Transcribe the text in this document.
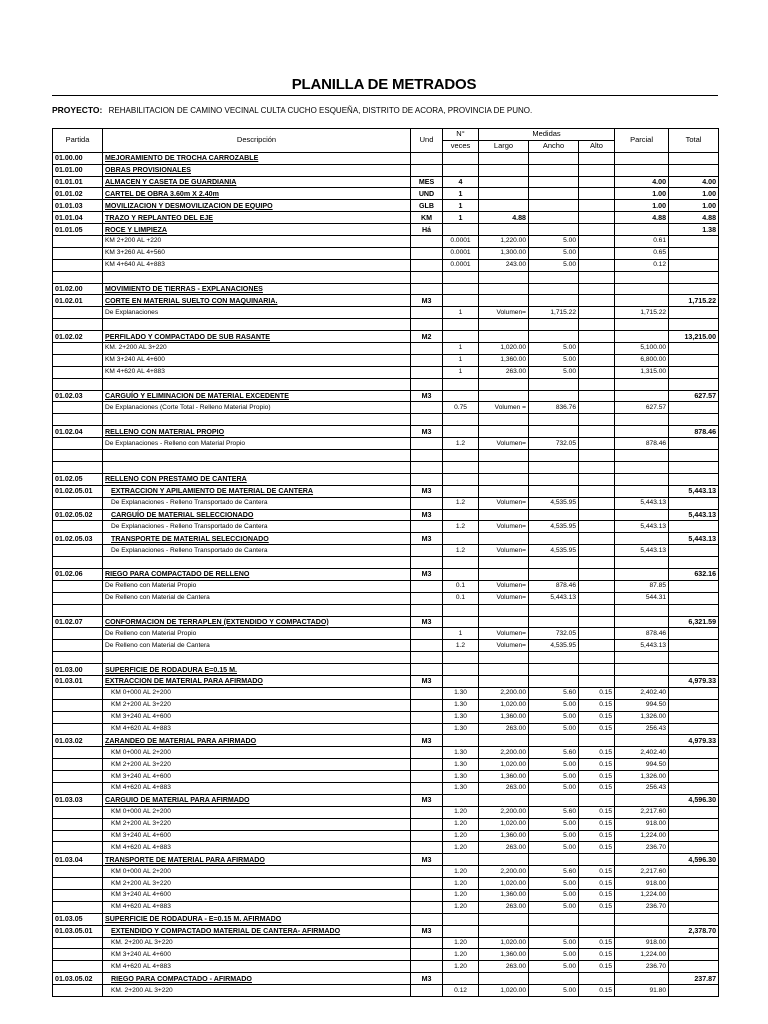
PLANILLA DE METRADOS
PROYECTO: REHABILITACION DE CAMINO VECINAL CULTA CUCHO ESQUEÑA, DISTRITO DE ACORA, PROVINCIA DE PUNO.
Partida	Descripción	Und	N°	Medidas			Parcial	Total
			veces	Largo	Ancho	Alto		
01.00.00	MEJORAMIENTO DE TROCHA CARROZABLE							
01.01.00	OBRAS PROVISIONALES							
01.01.01	ALMACEN Y CASETA DE GUARDIANIA	MES	4				4.00	4.00
01.01.02	CARTEL DE OBRA 3.60m X 2.40m	UND	1				1.00	1.00
01.01.03	MOVILIZACION Y DESMOVILIZACION DE EQUIPO	GLB	1				1.00	1.00
01.01.04	TRAZO Y REPLANTEO DEL EJE	KM	1	4.88			4.88	4.88
01.01.05	ROCE Y LIMPIEZA	Há						1.38
	KM 2+200 AL +220		0.0001	1,220.00	5.00		0.61	
	KM 3+260 AL 4+560		0.0001	1,300.00	5.00		0.65	
	KM 4+640 AL 4+883		0.0001	243.00	5.00		0.12	

01.02.00	MOVIMIENTO DE TIERRAS - EXPLANACIONES							
01.02.01	CORTE EN MATERIAL SUELTO CON MAQUINARIA.	M3						1,715.22
	De Explanaciones		1	Volumen=	1,715.22		1,715.22	

01.02.02	PERFILADO Y COMPACTADO DE SUB RASANTE	M2						13,215.00
	KM. 2+200 AL 3+220		1	1,020.00	5.00		5,100.00	
	KM 3+240 AL 4+600		1	1,360.00	5.00		6,800.00	
	KM 4+620 AL 4+883		1	263.00	5.00		1,315.00	

01.02.03	CARGUÍO Y ELIMINACION DE MATERIAL EXCEDENTE	M3						627.57
	De Explanaciones (Corte Total - Relleno Material Propio)		0.75	Volumen =	836.76		627.57	

01.02.04	RELLENO CON MATERIAL PROPIO	M3						878.46
	De Explanaciones - Relleno con Material Propio		1.2	Volumen=	732.05		878.46	

01.02.05	RELLENO CON PRESTAMO DE CANTERA							
01.02.05.01	EXTRACCION Y APILAMIENTO DE MATERIAL DE CANTERA	M3						5,443.13
	De Explanaciones - Relleno Transportado de Cantera		1.2	Volumen=	4,535.95		5,443.13	
01.02.05.02	CARGUÍO DE MATERIAL SELECCIONADO	M3						5,443.13
	De Explanaciones - Relleno Transportado de Cantera		1.2	Volumen=	4,535.95		5,443.13	
01.02.05.03	TRANSPORTE DE MATERIAL SELECCIONADO	M3						5,443.13
	De Explanaciones - Relleno Transportado de Cantera		1.2	Volumen=	4,535.95		5,443.13	

01.02.06	RIEGO PARA COMPACTADO DE RELLENO	M3						632.16
	De Relleno con Material Propio		0.1	Volumen=	878.46		87.85	
	De Relleno con Material de Cantera		0.1	Volumen=	5,443.13		544.31	

01.02.07	CONFORMACION DE TERRAPLEN (EXTENDIDO Y COMPACTADO)	M3						6,321.59
	De Relleno con Material Propio		1	Volumen=	732.05		878.46	
	De Relleno con Material de Cantera		1.2	Volumen=	4,535.95		5,443.13	

01.03.00	SUPERFICIE DE RODADURA E=0.15 M.							
01.03.01	EXTRACCION DE MATERIAL PARA AFIRMADO	M3						4,979.33
	KM 0+000 AL 2+200		1.30	2,200.00	5.60	0.15	2,402.40	
	KM 2+200 AL 3+220		1.30	1,020.00	5.00	0.15	994.50	
	KM 3+240 AL 4+600		1.30	1,360.00	5.00	0.15	1,326.00	
	KM 4+620 AL 4+883		1.30	263.00	5.00	0.15	256.43	
01.03.02	ZARANDEO DE MATERIAL PARA AFIRMADO	M3						4,979.33
	KM 0+000 AL 2+200		1.30	2,200.00	5.60	0.15	2,402.40	
	KM 2+200 AL 3+220		1.30	1,020.00	5.00	0.15	994.50	
	KM 3+240 AL 4+600		1.30	1,360.00	5.00	0.15	1,326.00	
	KM 4+620 AL 4+883		1.30	263.00	5.00	0.15	256.43	
01.03.03	CARGUIO DE MATERIAL PARA AFIRMADO	M3						4,596.30
	KM 0+000 AL 2+200		1.20	2,200.00	5.60	0.15	2,217.60	
	KM 2+200 AL 3+220		1.20	1,020.00	5.00	0.15	918.00	
	KM 3+240 AL 4+600		1.20	1,360.00	5.00	0.15	1,224.00	
	KM 4+620 AL 4+883		1.20	263.00	5.00	0.15	236.70	
01.03.04	TRANSPORTE DE MATERIAL PARA AFIRMADO	M3						4,596.30
	KM 0+000 AL 2+200		1.20	2,200.00	5.60	0.15	2,217.60	
	KM 2+200 AL 3+220		1.20	1,020.00	5.00	0.15	918.00	
	KM 3+240 AL 4+600		1.20	1,360.00	5.00	0.15	1,224.00	
	KM 4+620 AL 4+883		1.20	263.00	5.00	0.15	236.70	
01.03.05	SUPERFICIE DE RODADURA - E=0.15 M. AFIRMADO							
01.03.05.01	EXTENDIDO Y COMPACTADO MATERIAL DE CANTERA- AFIRMADO	M3						2,378.70
	KM. 2+200 AL 3+220		1.20	1,020.00	5.00	0.15	918.00	
	KM 3+240 AL 4+600		1.20	1,360.00	5.00	0.15	1,224.00	
	KM 4+620 AL 4+883		1.20	263.00	5.00	0.15	236.70	
01.03.05.02	RIEGO PARA COMPACTADO - AFIRMADO	M3						237.87
	KM. 2+200 AL 3+220		0.12	1,020.00	5.00	0.15	91.80	
